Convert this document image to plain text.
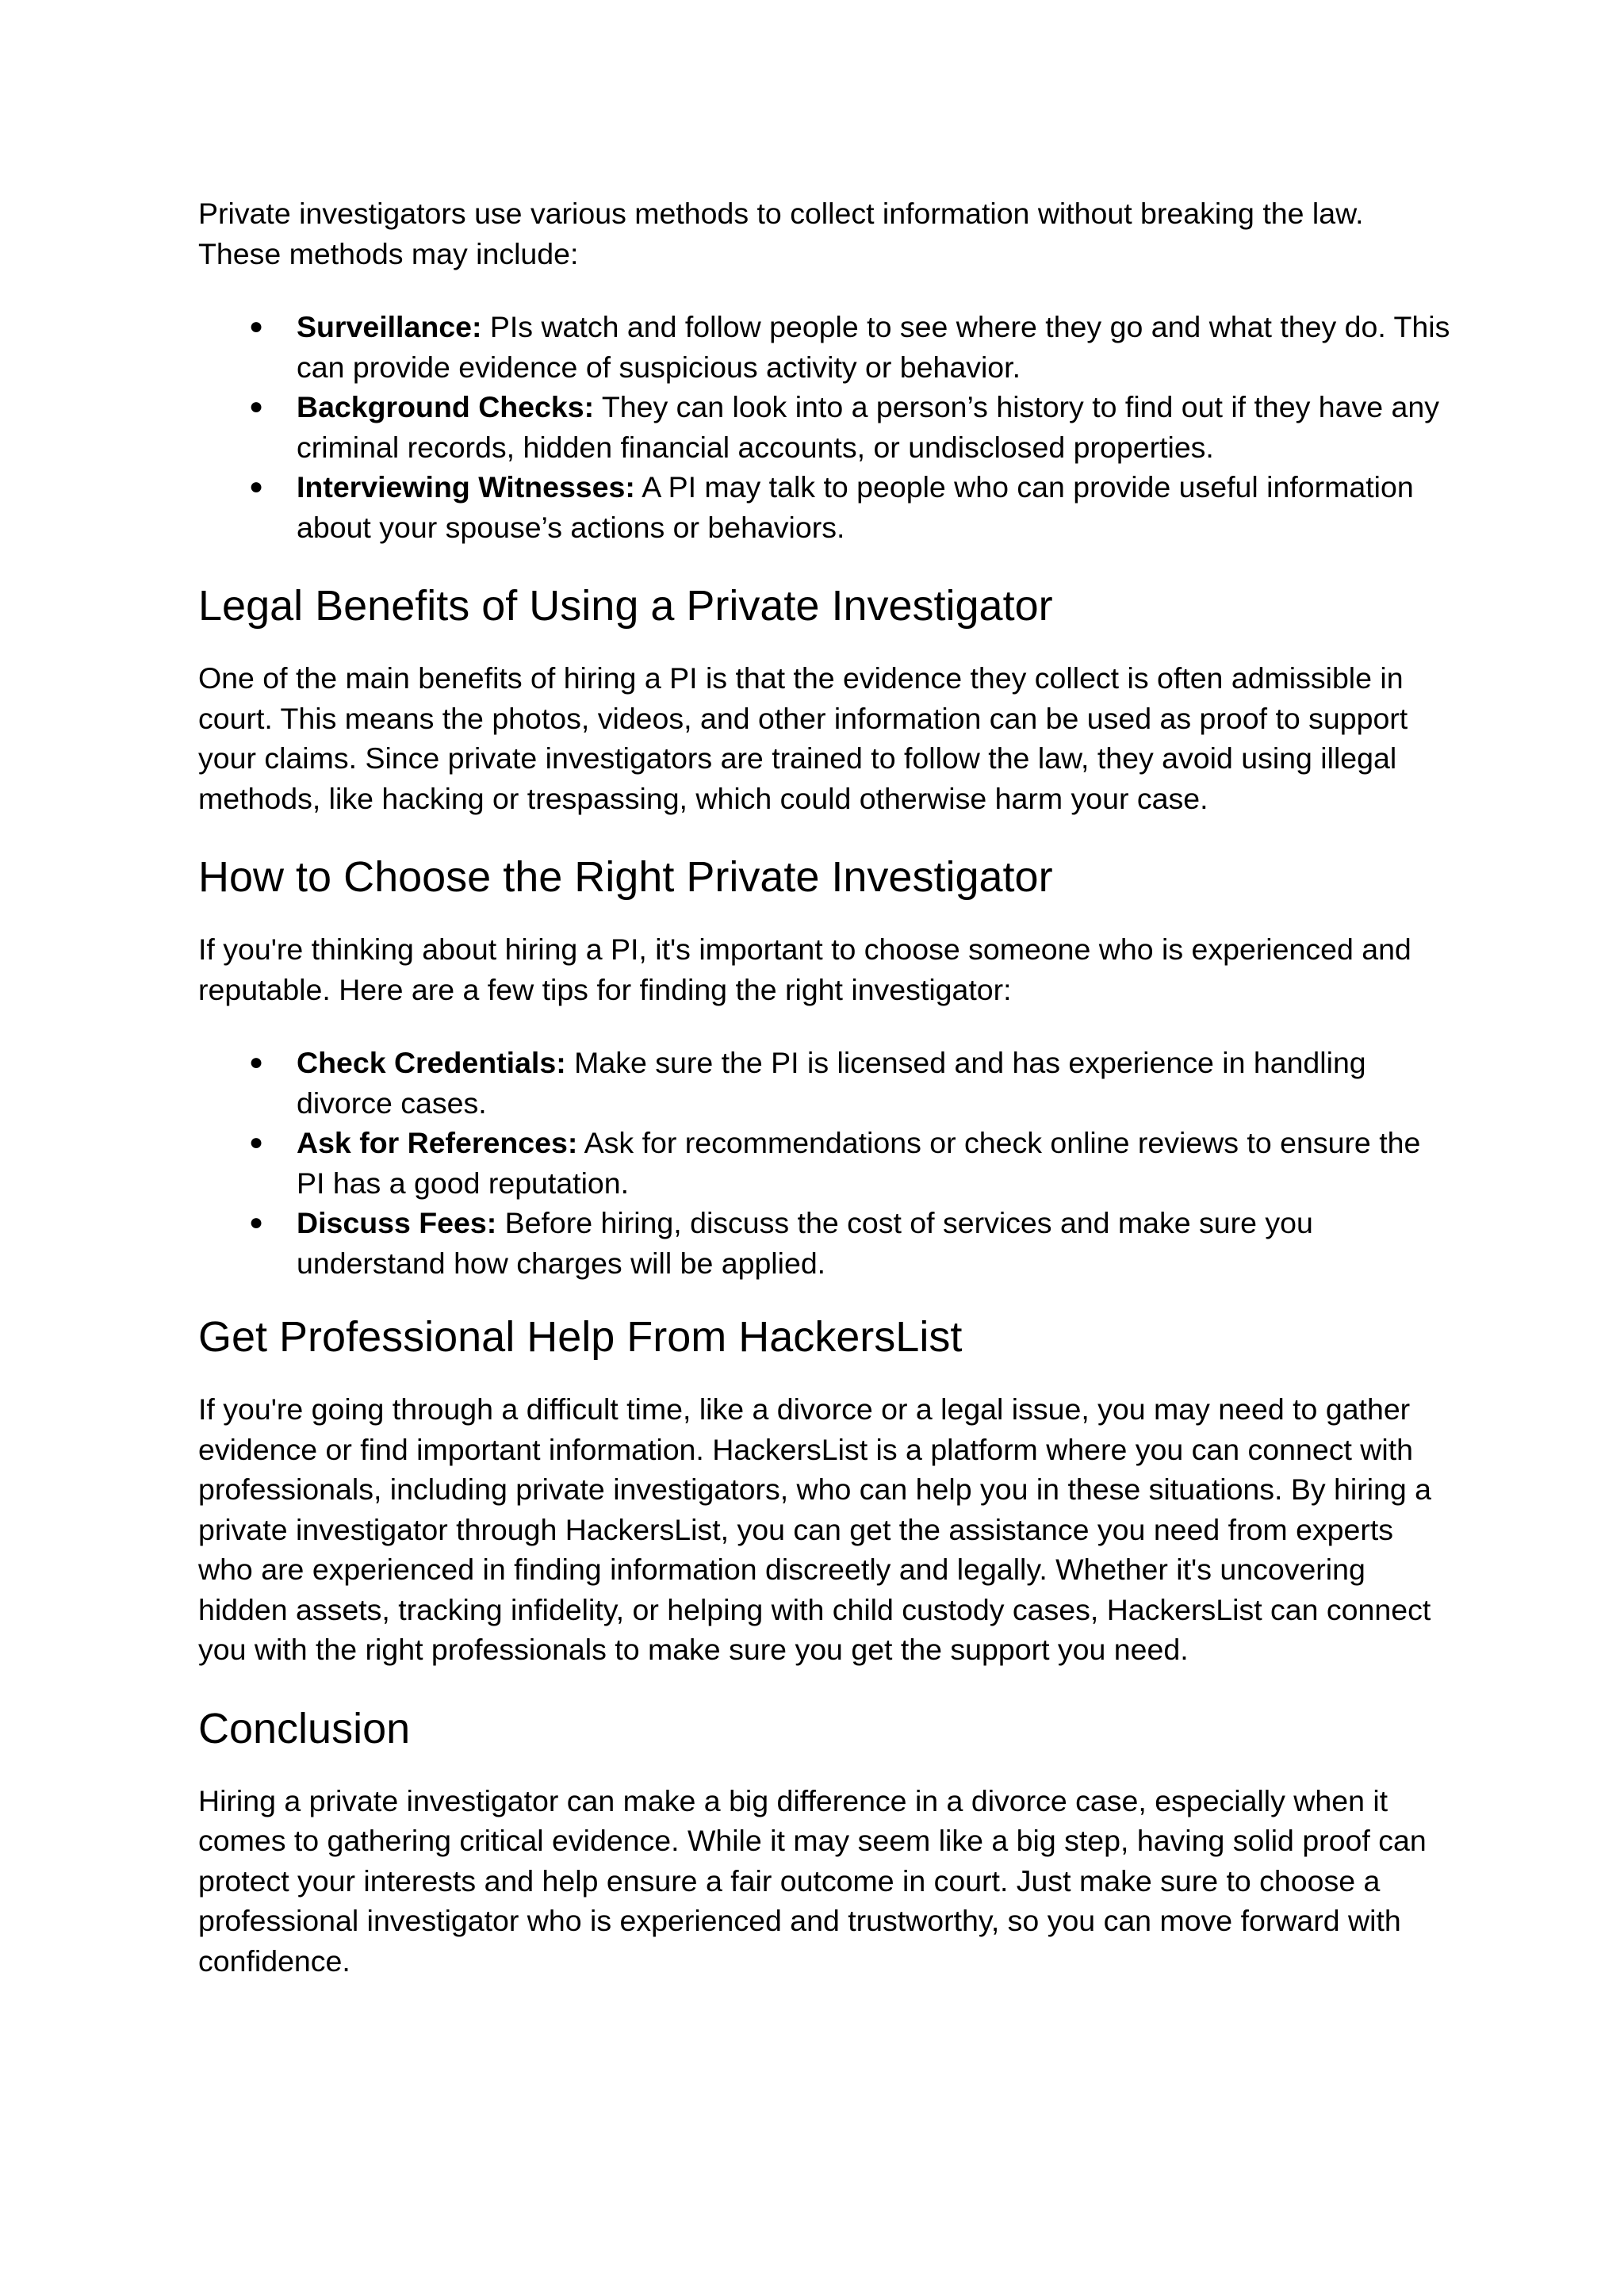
Private investigators use various methods to collect information without breaking the law. These methods may include:

● Surveillance: PIs watch and follow people to see where they go and what they do. This can provide evidence of suspicious activity or behavior.
● Background Checks: They can look into a person’s history to find out if they have any criminal records, hidden financial accounts, or undisclosed properties.
● Interviewing Witnesses: A PI may talk to people who can provide useful information about your spouse’s actions or behaviors.
Legal Benefits of Using a Private Investigator

One of the main benefits of hiring a PI is that the evidence they collect is often admissible in court. This means the photos, videos, and other information can be used as proof to support your claims. Since private investigators are trained to follow the law, they avoid using illegal methods, like hacking or trespassing, which could otherwise harm your case.

How to Choose the Right Private Investigator

If you're thinking about hiring a PI, it's important to choose someone who is experienced and reputable. Here are a few tips for finding the right investigator:

● Check Credentials: Make sure the PI is licensed and has experience in handling divorce cases.
● Ask for References: Ask for recommendations or check online reviews to ensure the PI has a good reputation.
● Discuss Fees: Before hiring, discuss the cost of services and make sure you understand how charges will be applied.
Get Professional Help From HackersList

If you're going through a difficult time, like a divorce or a legal issue, you may need to gather evidence or find important information. HackersList is a platform where you can connect with professionals, including private investigators, who can help you in these situations. By hiring a private investigator through HackersList, you can get the assistance you need from experts who are experienced in finding information discreetly and legally. Whether it's uncovering hidden assets, tracking infidelity, or helping with child custody cases, HackersList can connect you with the right professionals to make sure you get the support you need.

Conclusion

Hiring a private investigator can make a big difference in a divorce case, especially when it comes to gathering critical evidence. While it may seem like a big step, having solid proof can protect your interests and help ensure a fair outcome in court. Just make sure to choose a professional investigator who is experienced and trustworthy, so you can move forward with confidence.
